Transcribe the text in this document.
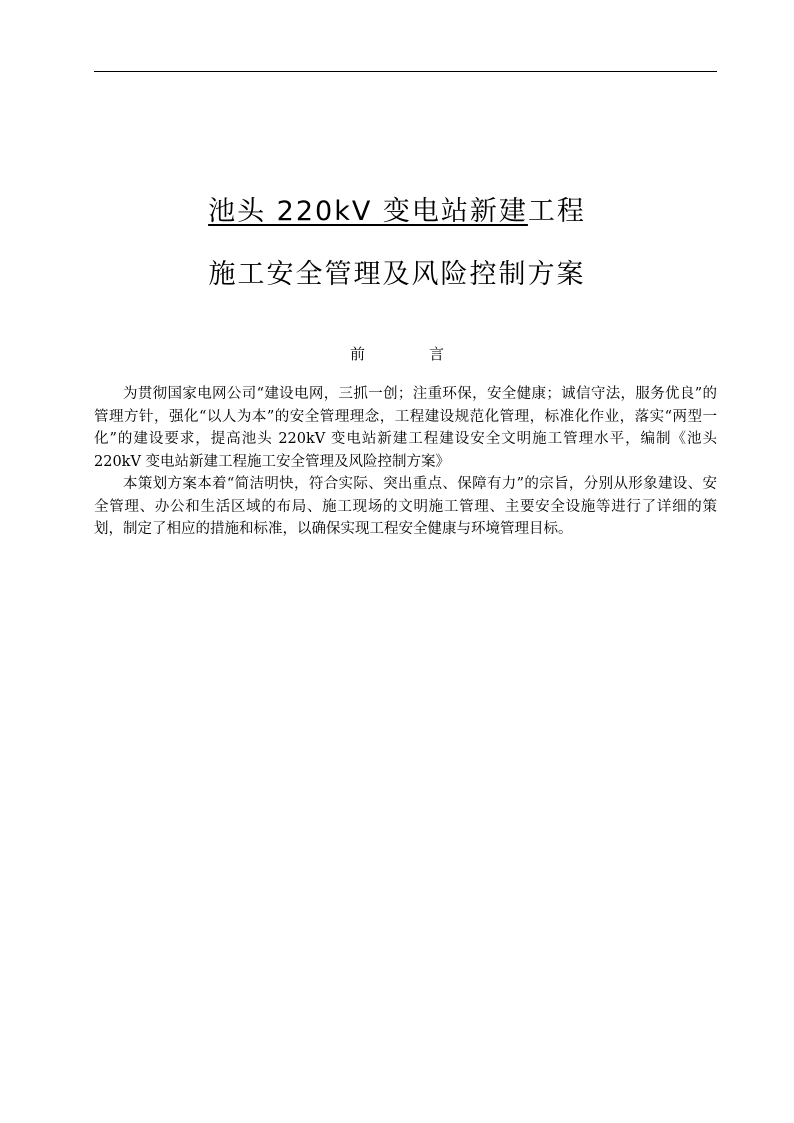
池头 220kV 变电站新建工程
施工安全管理及风险控制方案
前	言

为贯彻国家电网公司“建设电网，三抓一创；注重环保，安全健康；诚信守法，服务优良”的管理方针，强化“以人为本”的安全管理理念，工程建设规范化管理，标准化作业，落实“两型一化”的建设要求，提高池头 220kV 变电站新建工程建设安全文明施工管理水平，编制《池头 220kV 变电站新建工程施工安全管理及风险控制方案》

本策划方案本着“简洁明快，符合实际、突出重点、保障有力”的宗旨，分别从形象建设、安全管理、办公和生活区域的布局、施工现场的文明施工管理、主要安全设施等进行了详细的策划，制定了相应的措施和标准，以确保实现工程安全健康与环境管理目标。
